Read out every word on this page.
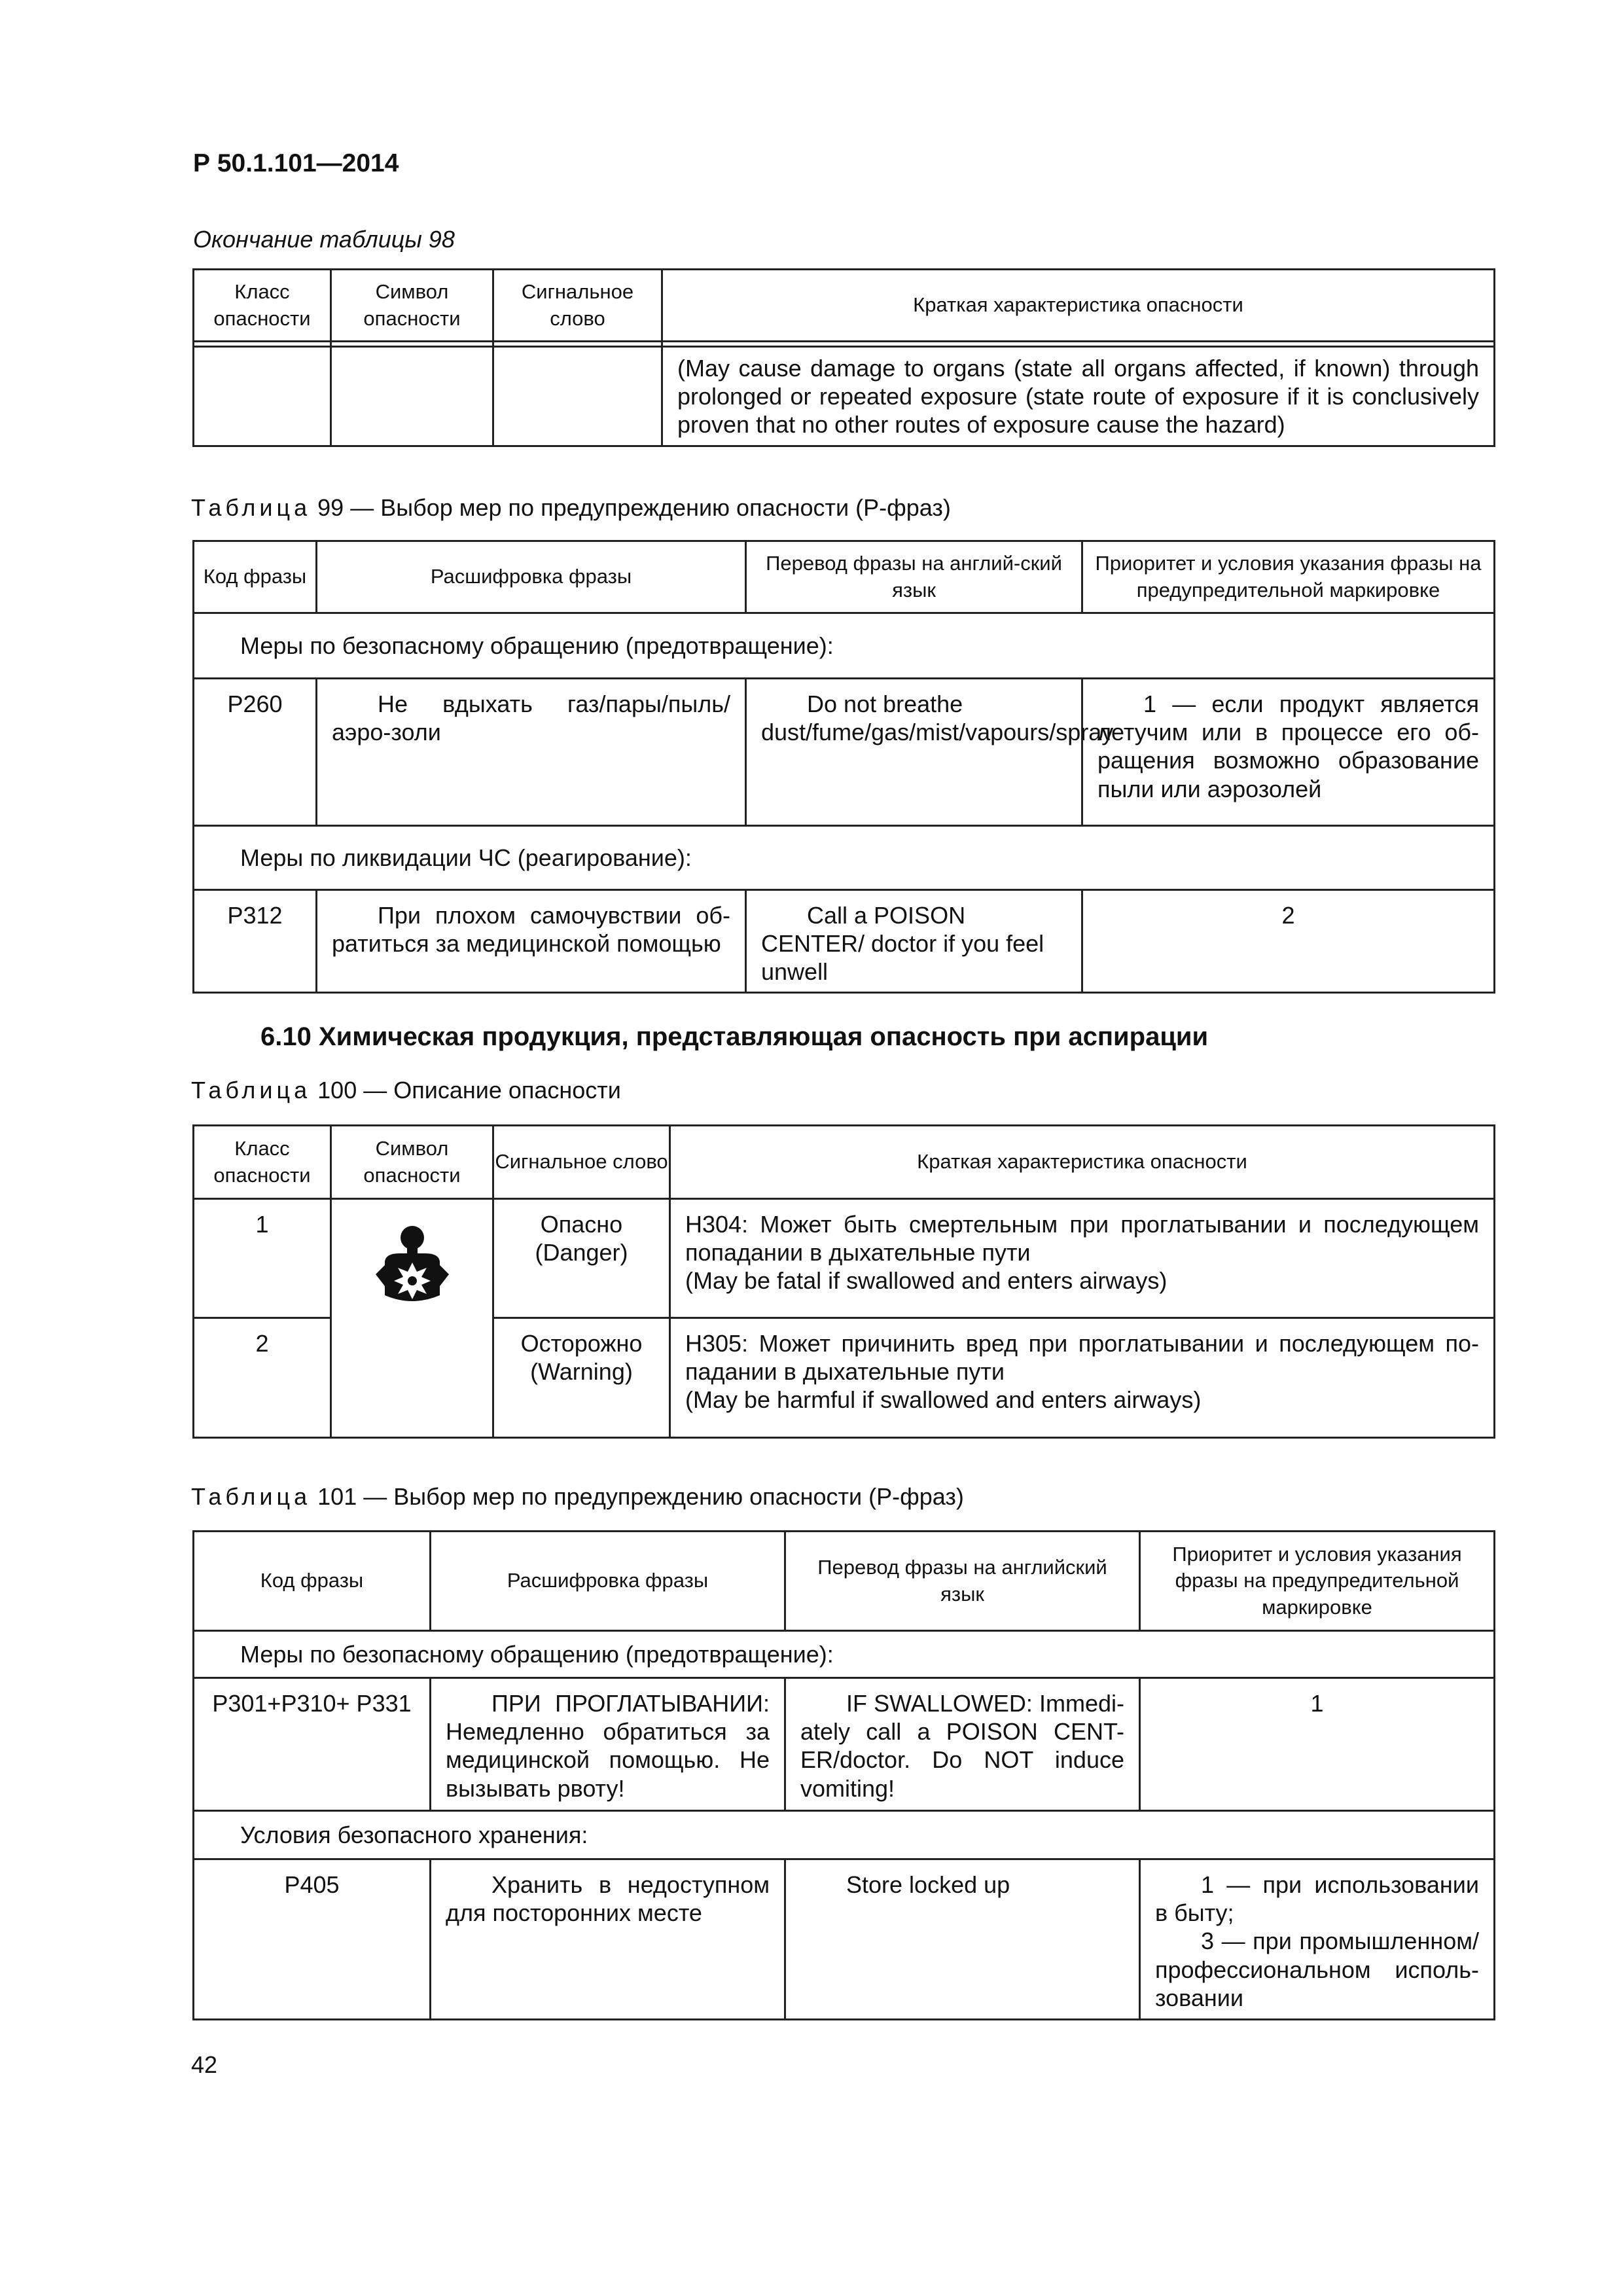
Р 50.1.101—2014
Окончание таблицы 98
Класс опасности	Символ опасности	Сигнальное слово	Краткая характеристика опасности

			(May cause damage to organs (state all organs affected, if known) through prolonged or repeated exposure (state route of exposure if it is conclusively proven that no other routes of exposure cause the hazard)
Таблица 99 — Выбор мер по предупреждению опасности (Р-фраз)
Код фразы	Расшифровка фразы	Перевод фразы на англий-ский язык	Приоритет и условия указания фразы на предупредительной маркировке
Меры по безопасному обращению (предотвращение):			
P260	Не вдыхать газ/пары/пыль/аэро-золи	Do not breathe dust/fume/gas/mist/vapours/spray	1 — если продукт является летучим или в процессе его об-ращения возможно образование пыли или аэрозолей
Меры по ликвидации ЧС (реагирование):			
P312	При плохом самочувствии об-ратиться за медицинской помощью	Call a POISON CENTER/ doctor if you feel unwell	2
6.10 Химическая продукция, представляющая опасность при аспирации
Таблица 100 — Описание опасности
Класс опасности	Символ опасности	Сигнальное слово	Краткая характеристика опасности
1		Опасно (Danger)	H304: Может быть смертельным при проглатывании и последующем попадании в дыхательные пути
(May be fatal if swallowed and enters airways)

2		Осторожно (Warning)	H305: Может причинить вред при проглатывании и последующем по-падании в дыхательные пути
(May be harmful if swallowed and enters airways)
Таблица 101 — Выбор мер по предупреждению опасности (Р-фраз)
Код фразы	Расшифровка фразы	Перевод фразы на английский язык	Приоритет и условия указания фразы на предупредительной маркировке
Меры по безопасному обращению (предотвращение):			
P301+P310+ P331	ПРИ ПРОГЛАТЫВАНИИ: Немедленно обратиться за медицинской помощью. Не вызывать рвоту!	IF SWALLOWED: Immedi-ately call a POISON CENT-ER/doctor. Do NOT induce vomiting!	1
Условия безопасного хранения:			
P405	Хранить в недоступном для посторонних месте	Store locked up	1 — при использовании в быту;
3 — при промышленном/ профессиональном исполь-зовании
42
